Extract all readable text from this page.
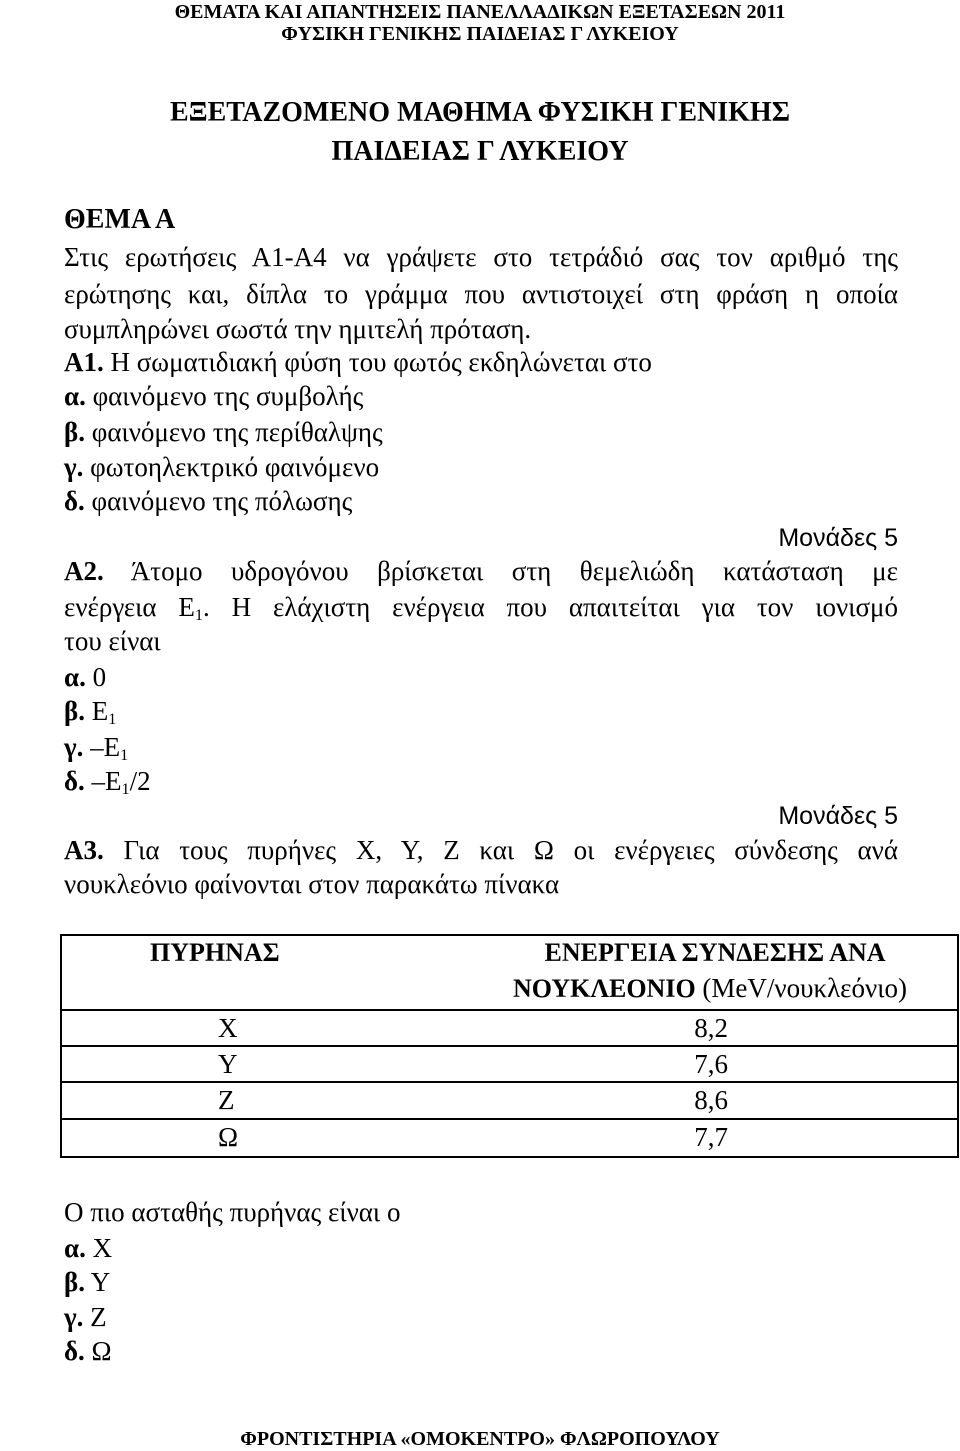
ΘΕΜΑΤΑ ΚΑΙ ΑΠΑΝΤΗΣΕΙΣ ΠΑΝΕΛΛΑΔΙΚΩΝ ΕΞΕΤΑΣΕΩΝ 2011
ΦΥΣΙΚΗ ΓΕΝΙΚΗΣ ΠΑΙΔΕΙΑΣ Γ ΛΥΚΕΙΟΥ
ΕΞΕΤΑΖΟΜΕΝΟ ΜΑΘΗΜΑ ΦΥΣΙΚΗ ΓΕΝΙΚΗΣ
ΠΑΙΔΕΙΑΣ Γ ΛΥΚΕΙΟΥ
ΘΕΜΑ Α
Στις ερωτήσεις Α1-Α4 να γράψετε στο τετράδιό σας τον αριθμό της
ερώτησης και, δίπλα το γράμμα που αντιστοιχεί στη φράση η οποία
συμπληρώνει σωστά την ημιτελή πρόταση.
Α1. Η σωματιδιακή φύση του φωτός εκδηλώνεται στο
α. φαινόμενο της συμβολής
β. φαινόμενο της περίθαλψης
γ. φωτοηλεκτρικό φαινόμενο
δ. φαινόμενο της πόλωσης
Μονάδες 5
Α2. Άτομο υδρογόνου βρίσκεται στη θεμελιώδη κατάσταση με
ενέργεια $E_1$. Η ελάχιστη ενέργεια που απαιτείται για τον ιονισμό
του είναι
α. 0
β. $E_1$
γ. $-E_1$
δ. $-E_1/2$
Μονάδες 5
Α3. Για τους πυρήνες Χ, Υ, Ζ και Ω οι ενέργειες σύνδεσης ανά
νουκλεόνιο φαίνονται στον παρακάτω πίνακα
ΠΥΡΗΝΑΣ	ΕΝΕΡΓΕΙΑ ΣΥΝΔΕΣΗΣ ΑΝΑ
ΝΟΥΚΛΕΟΝΙΟ (MeV/νουκλεόνιο)
Χ	8,2
Υ	7,6
Ζ	8,6
Ω	7,7
Ο πιο ασταθής πυρήνας είναι ο
α. Χ
β. Υ
γ. Ζ
δ. Ω
ΦΡΟΝΤΙΣΤΗΡΙΑ «ΟΜΟΚΕΝΤΡΟ» ΦΛΩΡΟΠΟΥΛΟΥ
